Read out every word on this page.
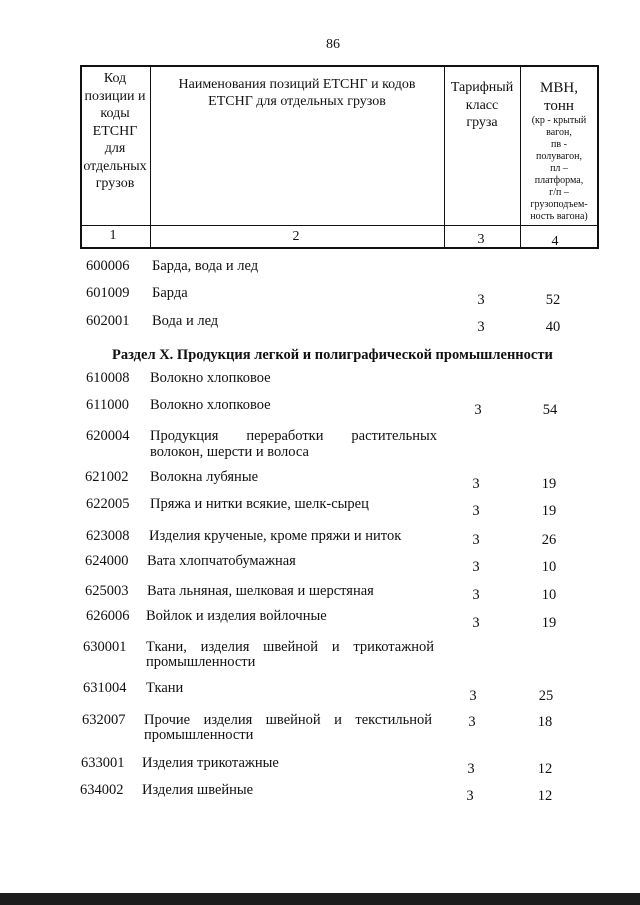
86
Код
позиции и
коды
ЕТСНГ
для
отдельных
грузов
Наименования позиций ЕТСНГ и кодов
ЕТСНГ для отдельных грузов
Тарифный
класс
груза
МВН,
тонн
(кр - крытый
вагон,
пв -
полувагон,
пл –
платформа,
г/п –
грузоподъем-
ность вагона)
1	2	3	4
600006 Барда, вода и лед
601009 Барда	3	52
602001 Вода и лед	3	40
Раздел X. Продукция легкой и полиграфической промышленности
610008 Волокно хлопковое
611000 Волокно хлопковое	3	54
620004 Продукция переработки растительных
волокон, шерсти и волоса
621002 Волокна лубяные	3	19
622005 Пряжа и нитки всякие, шелк-сырец	3	19
623008 Изделия крученые, кроме пряжи и ниток	3	26
624000 Вата хлопчатобумажная	3	10
625003 Вата льняная, шелковая и шерстяная	3	10
626006 Войлок и изделия войлочные	3	19
630001 Ткани, изделия швейной и трикотажной
промышленности
631004 Ткани	3	25
632007 Прочие изделия швейной и текстильной
промышленности
3	18
633001 Изделия трикотажные	3	12
634002 Изделия швейные	3	12
